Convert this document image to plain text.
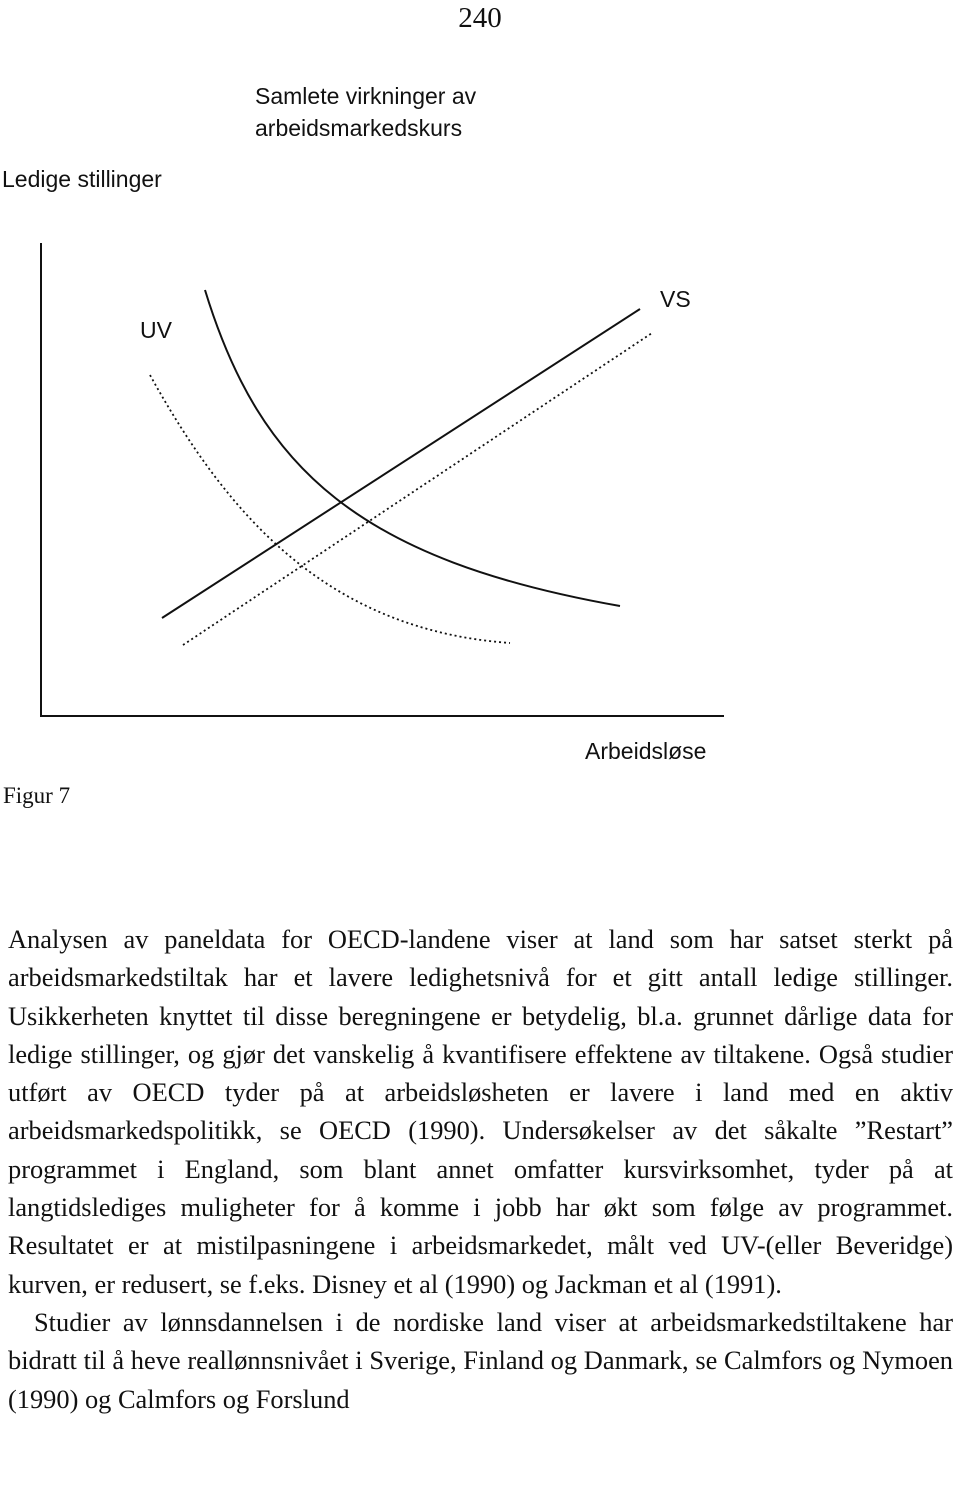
240
Samlete virkninger av
arbeidsmarkedskurs
Ledige stillinger
UV
VS
Arbeidsløse
Figur 7

Analysen av paneldata for OECD-landene viser at land som har satset sterkt på arbeidsmarkedstiltak har et lavere ledighetsnivå for et gitt antall ledige stillinger. Usikkerheten knyttet til disse beregningene er betydelig, bl.a. grunnet dårlige data for ledige stillinger, og gjør det vanskelig å kvantifisere effektene av tiltakene. Også studier utført av OECD tyder på at arbeidsløsheten er lavere i land med en aktiv arbeidsmarkedspolitikk, se OECD (1990). Undersøkelser av det såkalte ”Restart” programmet i England, som blant annet omfatter kursvirksomhet, tyder på at langtidslediges muligheter for å komme i jobb har økt som følge av programmet. Resultatet er at mistilpasningene i arbeidsmarkedet, målt ved UV-(eller Beveridge) kurven, er redusert, se f.eks. Disney et al (1990) og Jackman et al (1991).

Studier av lønnsdannelsen i de nordiske land viser at arbeidsmarkedstiltakene har bidratt til å heve reallønnsnivået i Sverige, Finland og Danmark, se Calmfors og Nymoen (1990) og Calmfors og Forslund
